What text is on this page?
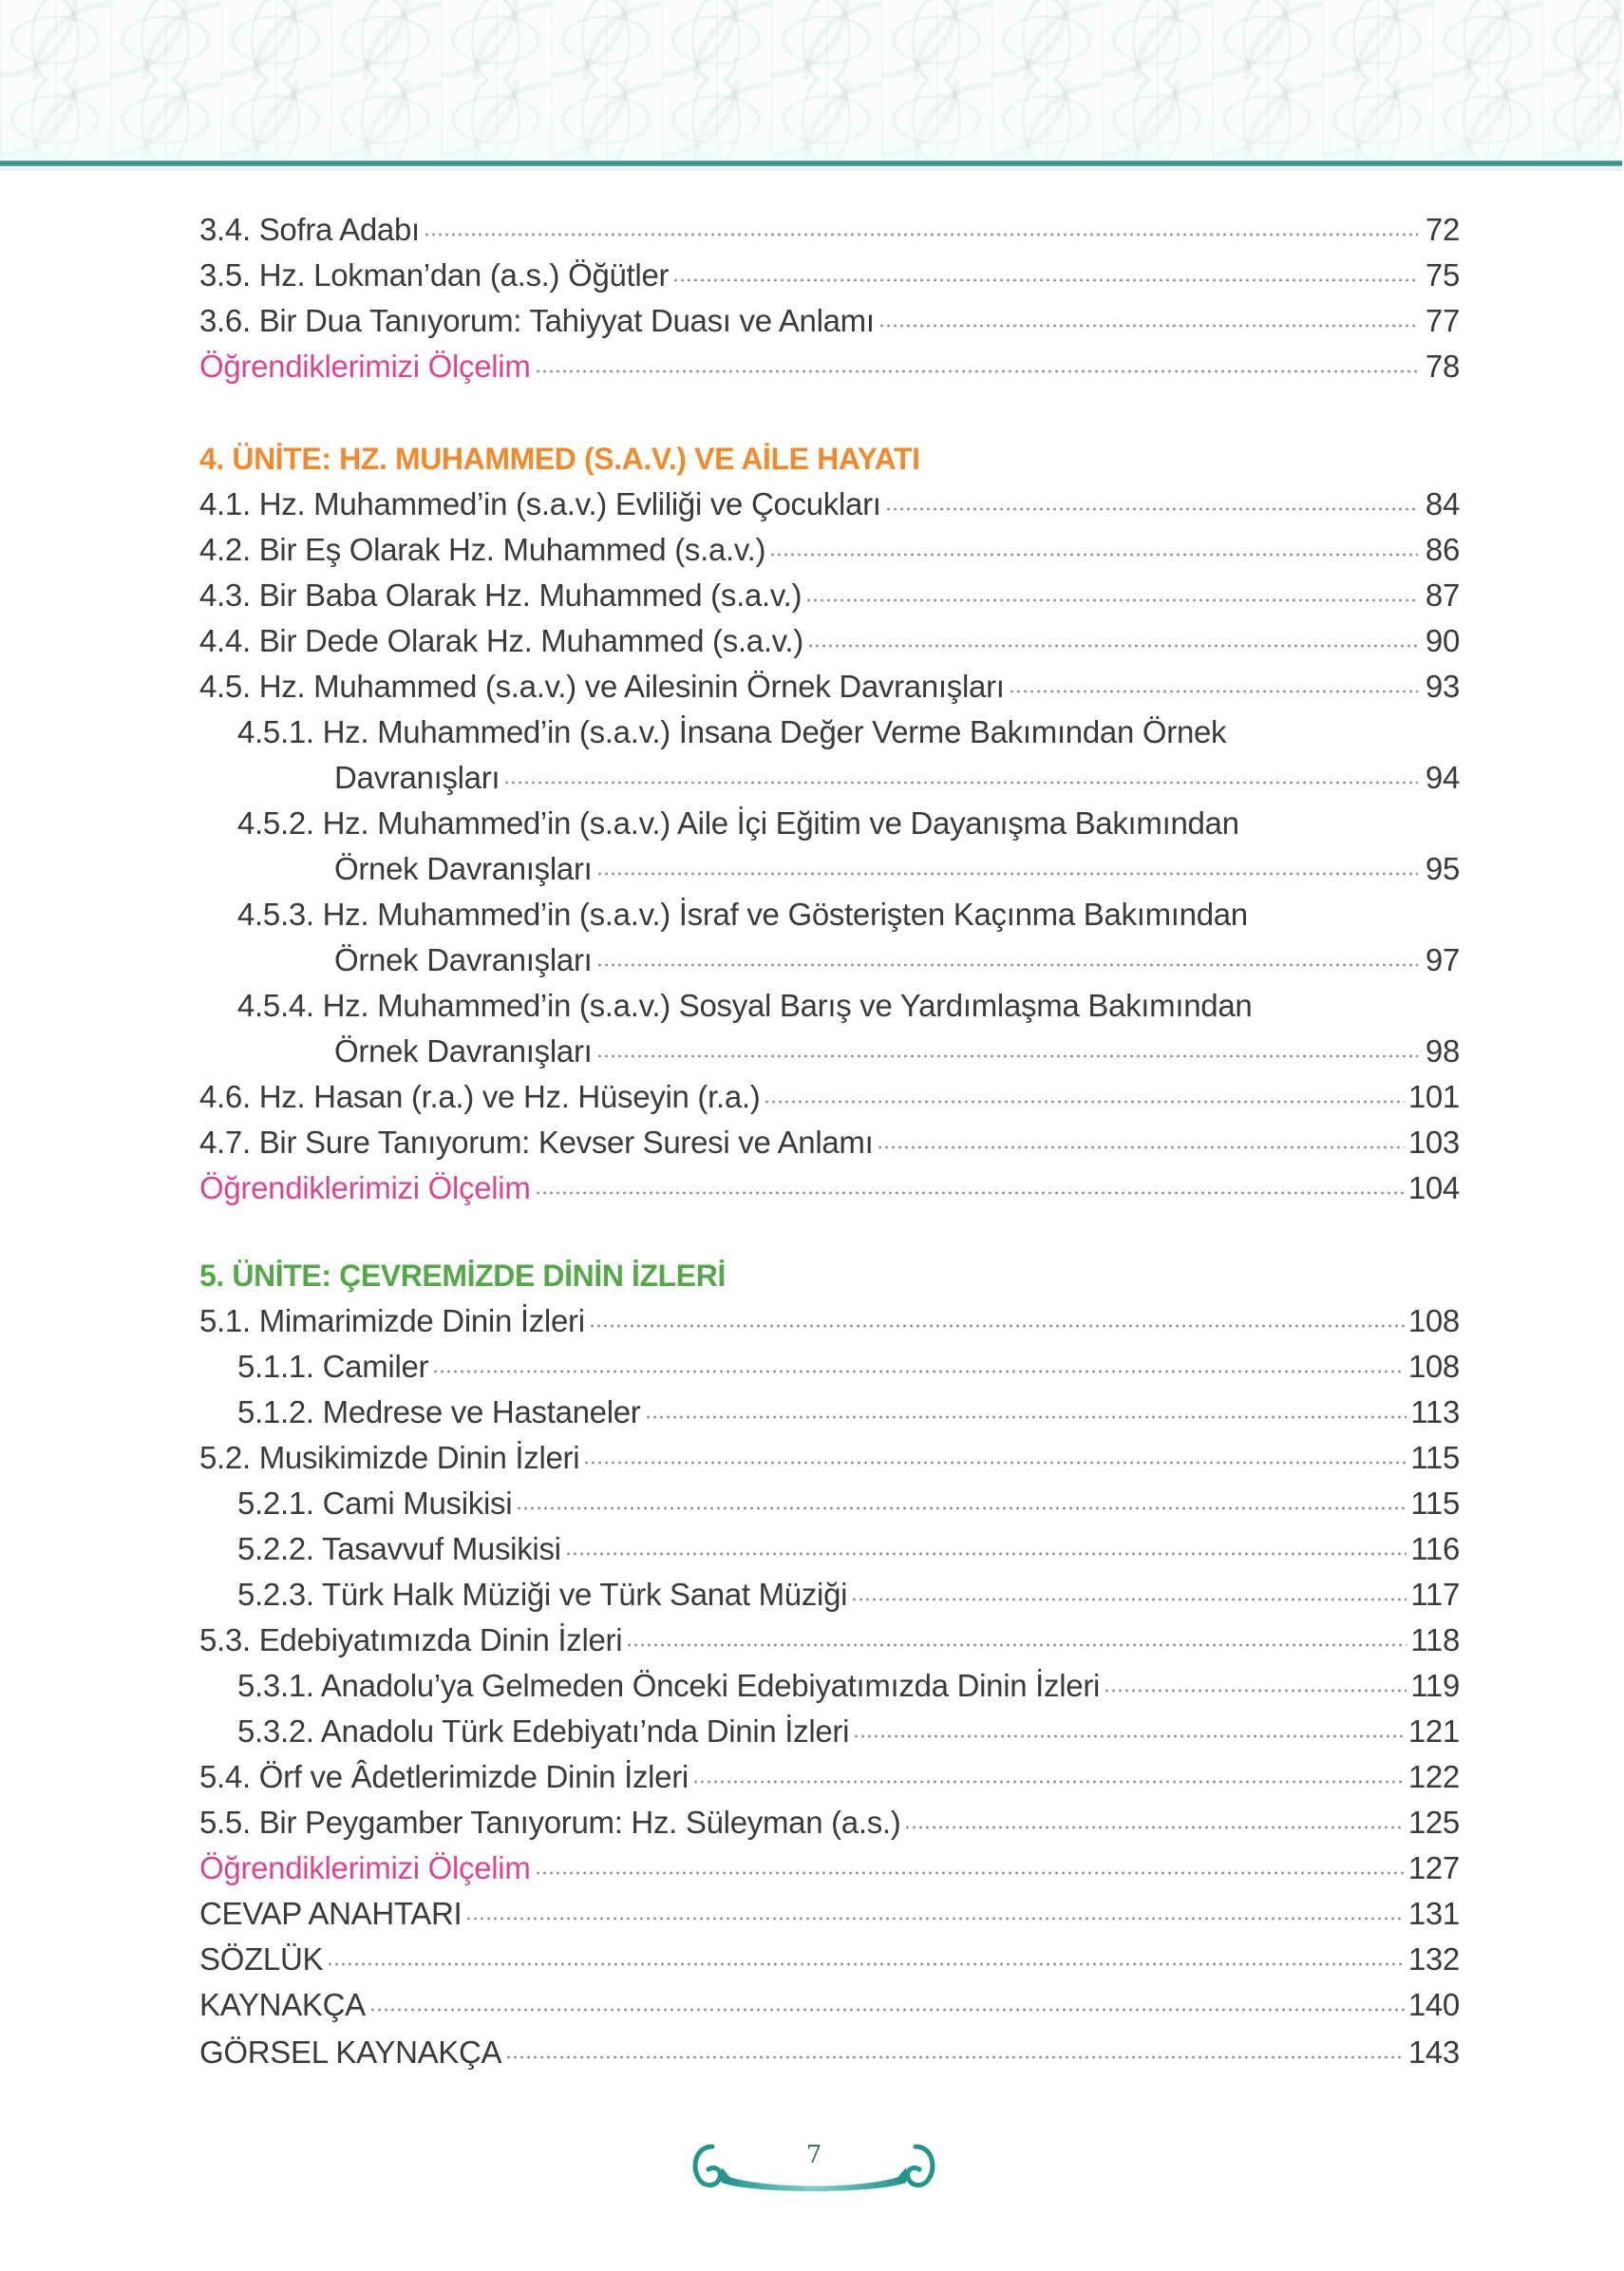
3.4. Sofra Adabı	72
3.5. Hz. Lokman’dan (a.s.) Öğütler	75
3.6. Bir Dua Tanıyorum: Tahiyyat Duası ve Anlamı	77
Öğrendiklerimizi Ölçelim	78
4. ÜNİTE: HZ. MUHAMMED (S.A.V.) VE AİLE HAYATI
4.1. Hz. Muhammed’in (s.a.v.) Evliliği ve Çocukları	84
4.2. Bir Eş Olarak Hz. Muhammed (s.a.v.)	86
4.3. Bir Baba Olarak Hz. Muhammed (s.a.v.)	87
4.4. Bir Dede Olarak Hz. Muhammed (s.a.v.)	90
4.5. Hz. Muhammed (s.a.v.) ve Ailesinin Örnek Davranışları	93
4.5.1. Hz. Muhammed’in (s.a.v.) İnsana Değer Verme Bakımından Örnek
Davranışları	94
4.5.2. Hz. Muhammed’in (s.a.v.) Aile İçi Eğitim ve Dayanışma Bakımından
Örnek Davranışları	95
4.5.3. Hz. Muhammed’in (s.a.v.) İsraf ve Gösterişten Kaçınma Bakımından
Örnek Davranışları	97
4.5.4. Hz. Muhammed’in (s.a.v.) Sosyal Barış ve Yardımlaşma Bakımından
Örnek Davranışları	98
4.6. Hz. Hasan (r.a.) ve Hz. Hüseyin (r.a.)	101
4.7. Bir Sure Tanıyorum: Kevser Suresi ve Anlamı	103
Öğrendiklerimizi Ölçelim	104
5. ÜNİTE: ÇEVREMİZDE DİNİN İZLERİ
5.1. Mimarimizde Dinin İzleri	108
5.1.1. Camiler	108
5.1.2. Medrese ve Hastaneler	113
5.2. Musikimizde Dinin İzleri	115
5.2.1. Cami Musikisi	115
5.2.2. Tasavvuf Musikisi	116
5.2.3. Türk Halk Müziği ve Türk Sanat Müziği	117
5.3. Edebiyatımızda Dinin İzleri	118
5.3.1. Anadolu’ya Gelmeden Önceki Edebiyatımızda Dinin İzleri	119
5.3.2. Anadolu Türk Edebiyatı’nda Dinin İzleri	121
5.4. Örf ve Âdetlerimizde Dinin İzleri	122
5.5. Bir Peygamber Tanıyorum: Hz. Süleyman (a.s.)	125
Öğrendiklerimizi Ölçelim	127
CEVAP ANAHTARI	131
SÖZLÜK	132
KAYNAKÇA	140
GÖRSEL KAYNAKÇA	143
7
